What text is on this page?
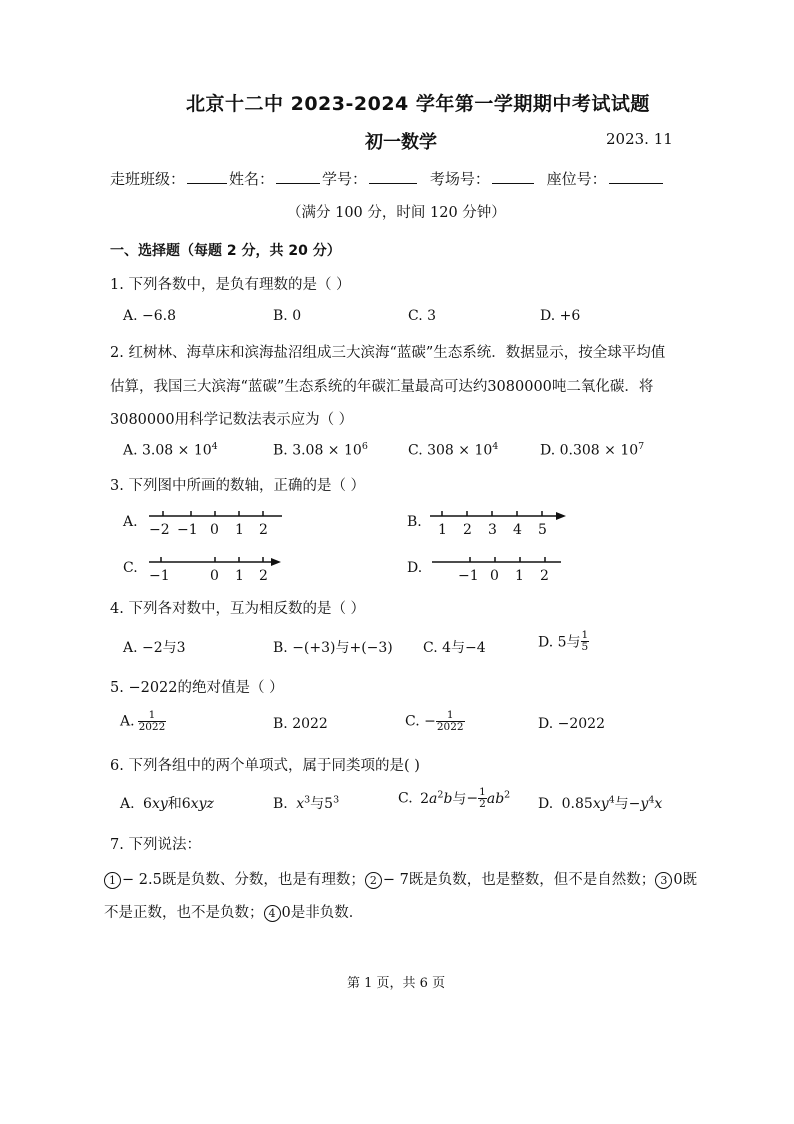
北京十二中 2023-2024 学年第一学期期中考试试题
初一数学	2023. 11
走班班级：	姓名：	学号：	考场号：	座位号：
（满分 100 分，时间 120 分钟）
一、选择题（每题 2 分，共 20 分）
1. 下列各数中，是负有理数的是（ ）
A. −6.8	B. 0	C. 3	D. +6
2. 红树林、海草床和滨海盐沼组成三大滨海“蓝碳”生态系统．数据显示，按全球平均值
估算，我国三大滨海“蓝碳”生态系统的年碳汇量最高可达约3080000吨二氧化碳．将
3080000用科学记数法表示应为（ ）
A. $3.08 \times 10^4$	B. $3.08 \times 10^6$	C. $308 \times 10^4$	D. $0.308 \times 10^7$
3. 下列图中所画的数轴，正确的是（ ）
A. −2 −1 0 1 2	B. 1 2 3 4 5
C. −1	0 1 2	D.	−1 0 1 2
4. 下列各对数中，互为相反数的是（ ）
A. −2与3	B. −(+3)与+(−3) C. 4与−4	D. 5与 $\frac{1}{5}$
5. −2022的绝对值是（ ）
A. $\frac{1}{2022}$	B. 2022	C. − $\frac{1}{2022}$	D. −2022
6. 下列各组中的两个单项式，属于同类项的是( )
A. 6xy和6xyz	B. $x^3$与$5^3$	C. $2a^2b$与− $\frac{1}{2} ab^2$
D. $0.85xy^4$与$-y^4x$
7. 下列说法：
1 − 2.5既是负数、分数，也是有理数； 2 − 7既是负数，也是整数，但不是自然数； 3 0既
不是正数，也不是负数； 4 0是非负数．
第 1 页，共 6 页
